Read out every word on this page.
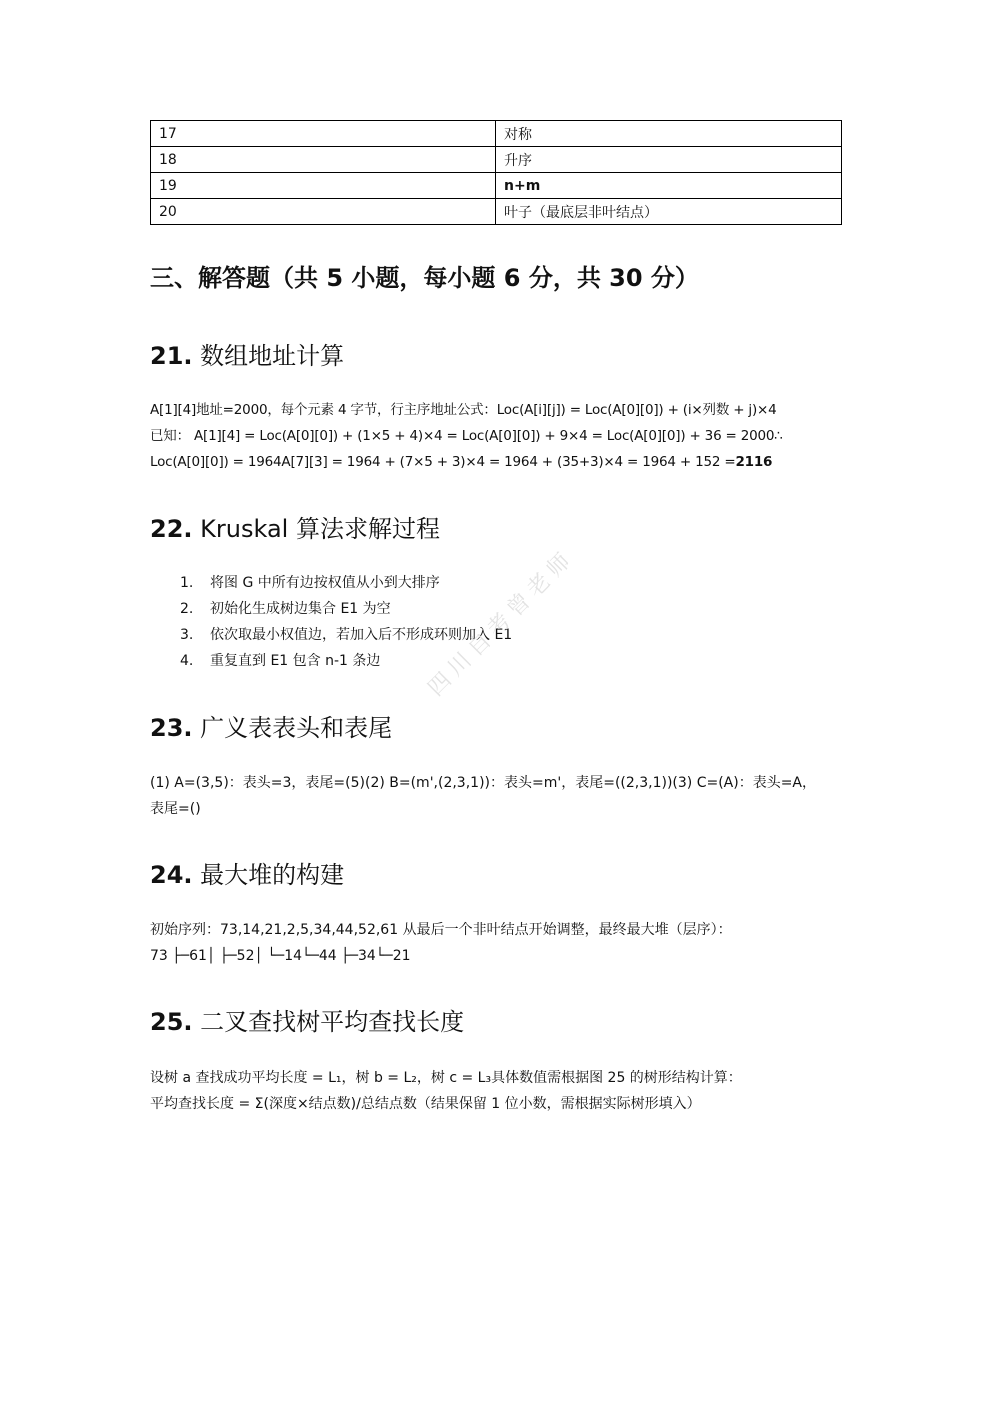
17	对称
18	升序
19	n+m
20	叶子（最底层非叶结点）
三、解答题（共 5 小题，每小题 6 分，共 30 分）
21. 数组地址计算

A[1][4]地址=2000，每个元素 4 字节，行主序地址公式：Loc(A[i][j]) = Loc(A[0][0]) + (i×列数 + j)×4
已知： A[1][4] = Loc(A[0][0]) + (1×5 + 4)×4 = Loc(A[0][0]) + 9×4 = Loc(A[0][0]) + 36 = 2000∴
Loc(A[0][0]) = 1964A[7][3] = 1964 + (7×5 + 3)×4 = 1964 + (35+3)×4 = 1964 + 152 =2116

22. Kruskal 算法求解过程
1. 将图 G 中所有边按权值从小到大排序
2. 初始化生成树边集合 E1 为空
3. 依次取最小权值边，若加入后不形成环则加入 E1
4. 重复直到 E1 包含 n-1 条边
23. 广义表表头和表尾

(1) A=(3,5)：表头=3，表尾=(5)(2) B=(m',(2,3,1))：表头=m'，表尾=((2,3,1))(3) C=(A)：表头=A，
表尾=()

24. 最大堆的构建

初始序列：73,14,21,2,5,34,44,52,61 从最后一个非叶结点开始调整，最终最大堆（层序）：
73 ├─61│ ├─52│ └─14└─44 ├─34└─21

25. 二叉查找树平均查找长度

设树 a 查找成功平均长度 = L₁，树 b = L₂，树 c = L₃具体数值需根据图 25 的树形结构计算：
平均查找长度 = Σ(深度×结点数)/总结点数（结果保留 1 位小数，需根据实际树形填入）

四川自考曾老师
